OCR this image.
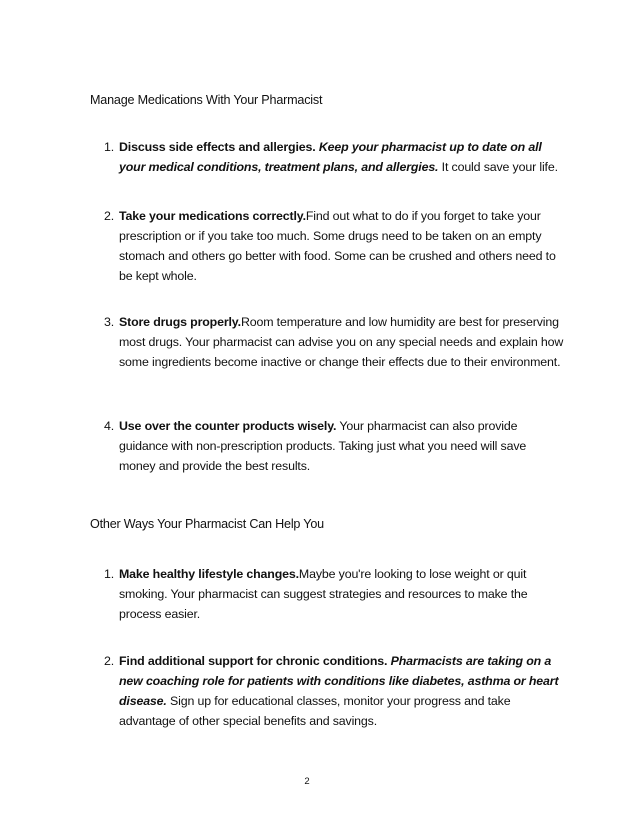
Manage Medications With Your Pharmacist
1. Discuss side effects and allergies. Keep your pharmacist up to date on all your medical conditions, treatment plans, and allergies. It could save your life.
2. Take your medications correctly.Find out what to do if you forget to take your prescription or if you take too much. Some drugs need to be taken on an empty stomach and others go better with food. Some can be crushed and others need to be kept whole.
3. Store drugs properly.Room temperature and low humidity are best for preserving most drugs. Your pharmacist can advise you on any special needs and explain how some ingredients become inactive or change their effects due to their environment.
4. Use over the counter products wisely. Your pharmacist can also provide guidance with non-prescription products. Taking just what you need will save money and provide the best results.
Other Ways Your Pharmacist Can Help You
1. Make healthy lifestyle changes.Maybe you're looking to lose weight or quit smoking. Your pharmacist can suggest strategies and resources to make the process easier.
2. Find additional support for chronic conditions. Pharmacists are taking on a new coaching role for patients with conditions like diabetes, asthma or heart disease. Sign up for educational classes, monitor your progress and take advantage of other special benefits and savings.
2
